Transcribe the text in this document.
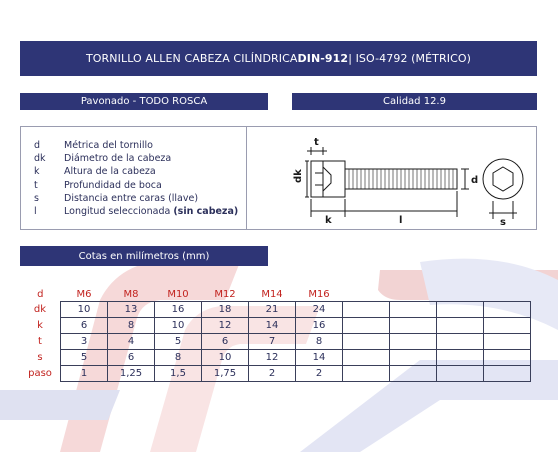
TORNILLO ALLEN CABEZA CILÍNDRICA DIN-912 | ISO-4792 (MÉTRICO)
Pavonado - TODO ROSCA	Calidad 12.9
d	Métrica del tornillo
dk	Diámetro de la cabeza
k	Altura de la cabeza
t	Profundidad de boca
s	Distancia entre caras (llave)
l	Longitud seleccionada (sin cabeza)
t
dk
k	l
d
s
Cotas en milímetros (mm)
d	M6	M8	M10	M12	M14	M16				
dk	10	13	16	18	21	24				
k	6	8	10	12	14	16				
t	3	4	5	6	7	8				
s	5	6	8	10	12	14				
paso	1	1,25	1,5	1,75	2	2				
